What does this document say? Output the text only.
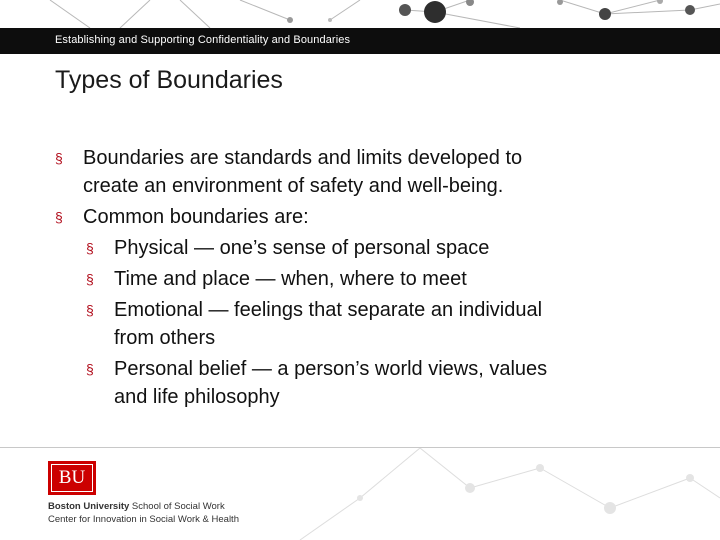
Establishing and Supporting Confidentiality and Boundaries
Types of Boundaries
§ Boundaries are standards and limits developed to
create an environment of safety and well-being.
§ Common boundaries are:
§ Physical — one’s sense of personal space
§ Time and place — when, where to meet
§ Emotional — feelings that separate an individual
from others
§ Personal belief — a person’s world views, values
and life philosophy
BU
Boston University School of Social Work
Center for Innovation in Social Work & Health
